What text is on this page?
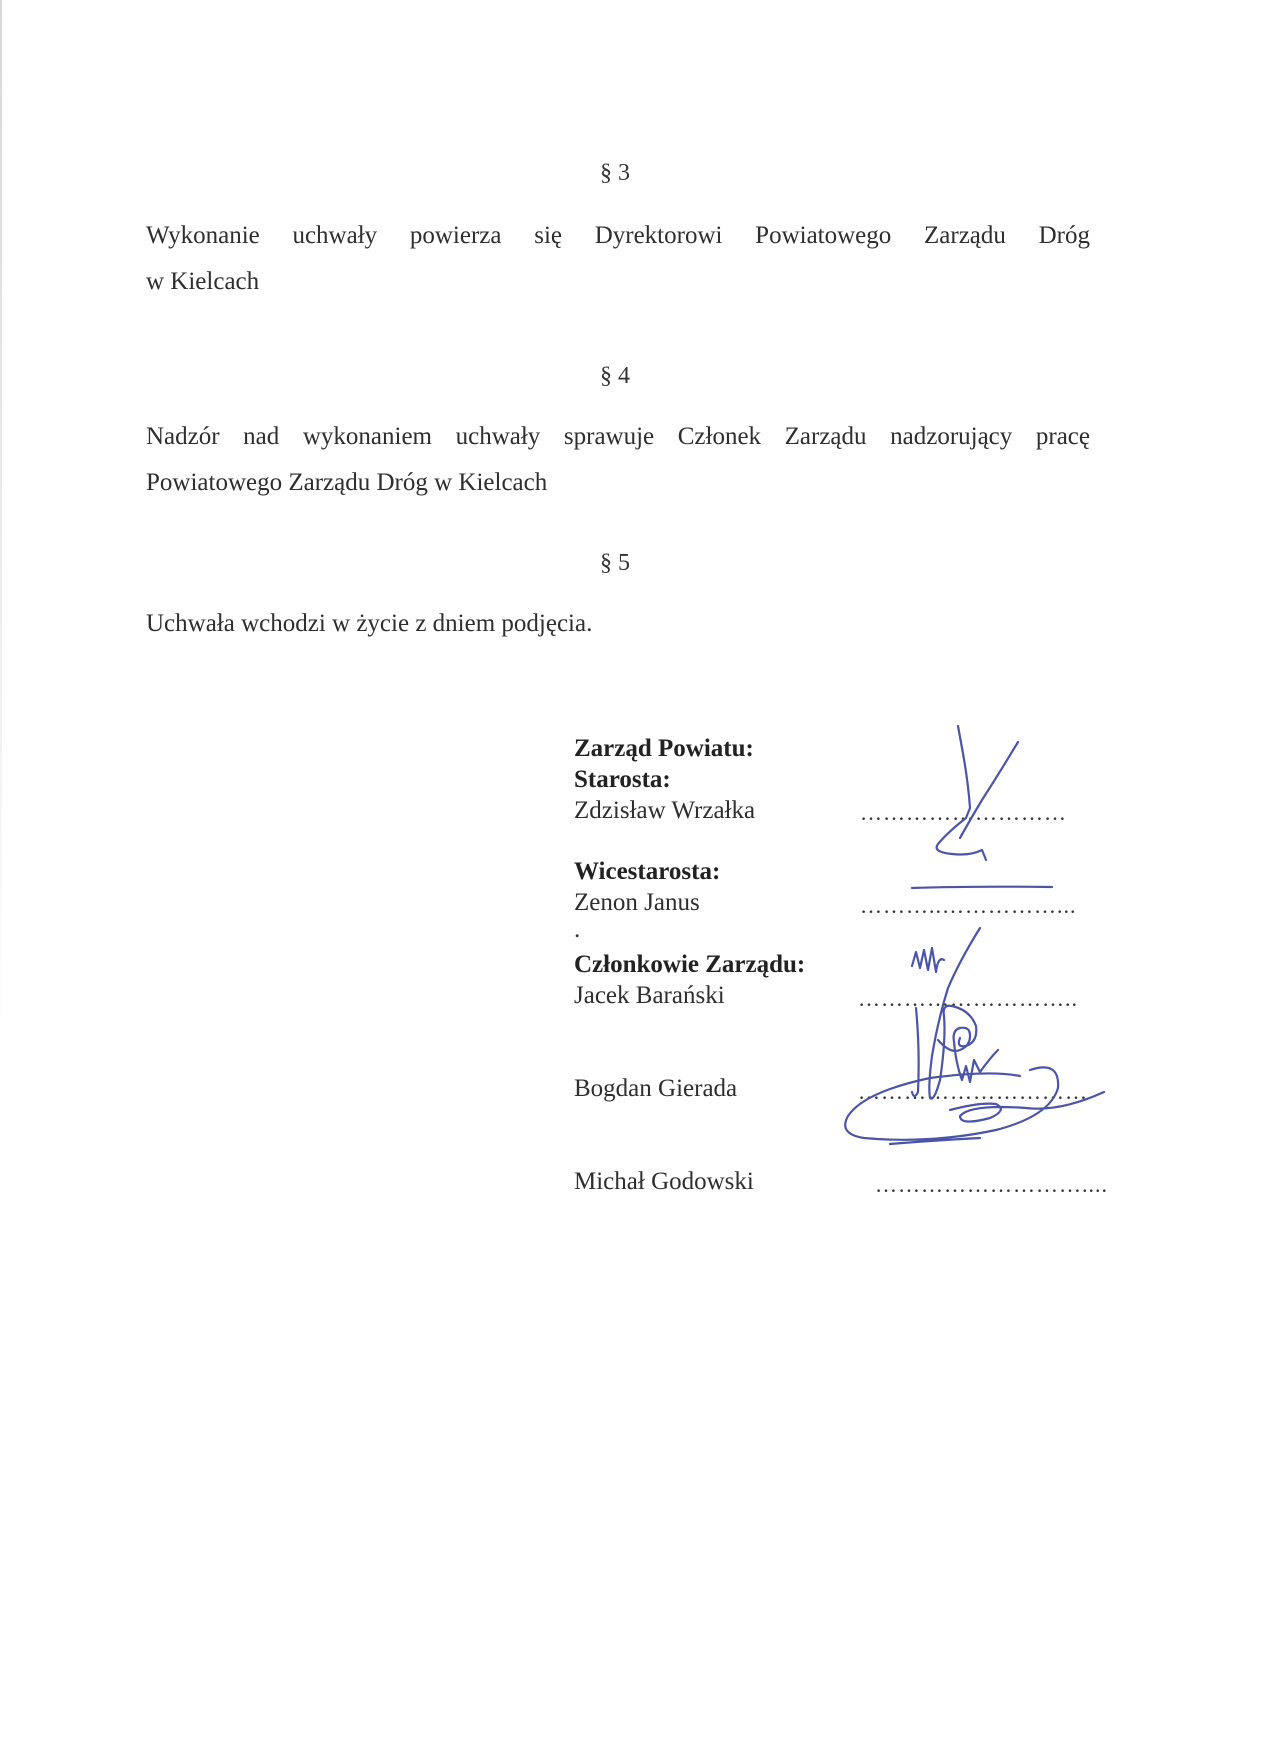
§ 3
Wykonanie uchwały powierza się Dyrektorowi Powiatowego Zarządu Dróg
w Kielcach
§ 4
Nadzór nad wykonaniem uchwały sprawuje Członek Zarządu nadzorujący pracę
Powiatowego Zarządu Dróg w Kielcach
§ 5
Uchwała wchodzi w życie z dniem podjęcia.
Zarząd Powiatu:
Starosta:
Zdzisław Wrzałka	………………………
Wicestarosta:
Zenon Janus	………..……………...
.
Członkowie Zarządu:
Jacek Barański	………………………..
Bogdan Gierada	…………………………
Michał Godowski	………………………....
